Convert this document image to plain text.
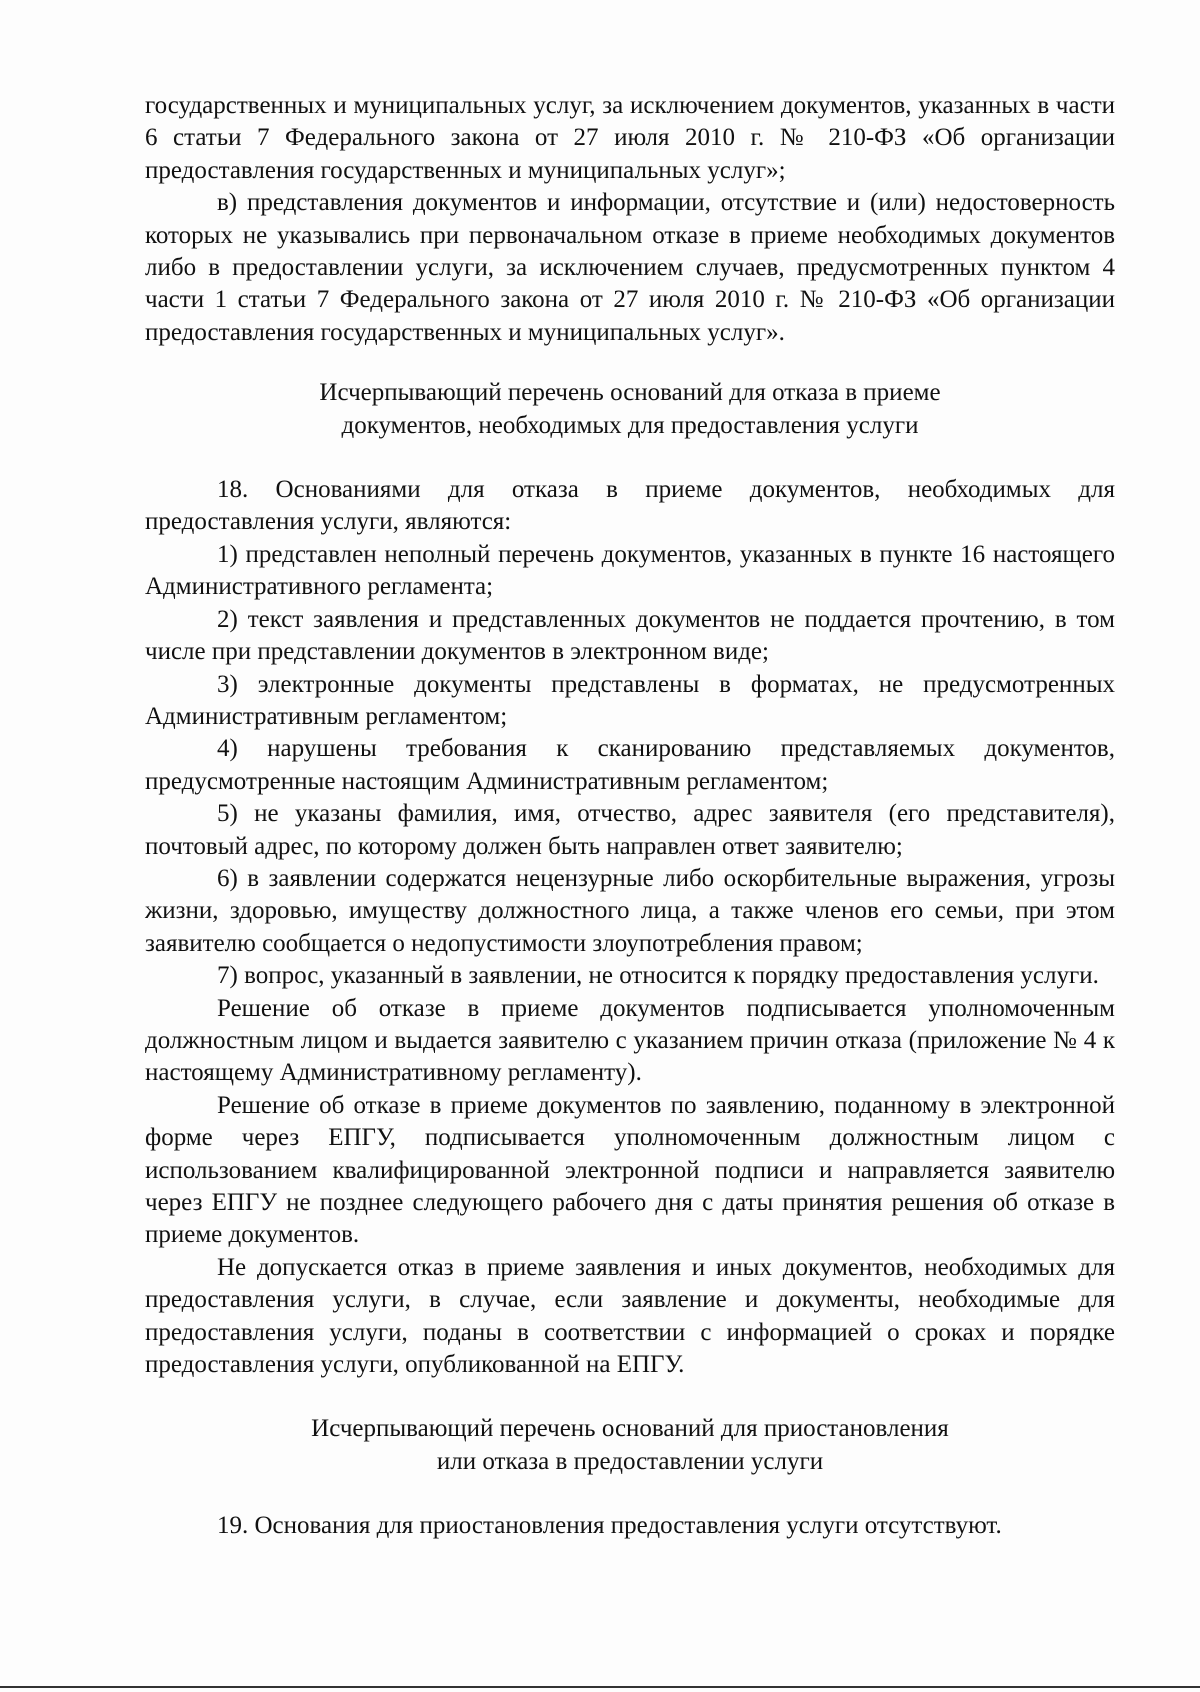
государственных и муниципальных услуг, за исключением документов, указанных в части 6 статьи 7 Федерального закона от 27 июля 2010 г. № 210-ФЗ «Об организации предоставления государственных и муниципальных услуг»;

в) представления документов и информации, отсутствие и (или) недостоверность которых не указывались при первоначальном отказе в приеме необходимых документов либо в предоставлении услуги, за исключением случаев, предусмотренных пунктом 4 части 1 статьи 7 Федерального закона от 27 июля 2010 г. № 210-ФЗ «Об организации предоставления государственных и муниципальных услуг».

Исчерпывающий перечень оснований для отказа в приеме
документов, необходимых для предоставления услуги

18. Основаниями для отказа в приеме документов, необходимых для предоставления услуги, являются:

1) представлен неполный перечень документов, указанных в пункте 16 настоящего Административного регламента;

2) текст заявления и представленных документов не поддается прочтению, в том числе при представлении документов в электронном виде;

3) электронные документы представлены в форматах, не предусмотренных Административным регламентом;

4) нарушены требования к сканированию представляемых документов, предусмотренные настоящим Административным регламентом;

5) не указаны фамилия, имя, отчество, адрес заявителя (его представителя), почтовый адрес, по которому должен быть направлен ответ заявителю;

6) в заявлении содержатся нецензурные либо оскорбительные выражения, угрозы жизни, здоровью, имуществу должностного лица, а также членов его семьи, при этом заявителю сообщается о недопустимости злоупотребления правом;

7) вопрос, указанный в заявлении, не относится к порядку предоставления услуги.

Решение об отказе в приеме документов подписывается уполномоченным должностным лицом и выдается заявителю с указанием причин отказа (приложение № 4 к настоящему Административному регламенту).

Решение об отказе в приеме документов по заявлению, поданному в электронной форме через ЕПГУ, подписывается уполномоченным должностным лицом с использованием квалифицированной электронной подписи и направляется заявителю через ЕПГУ не позднее следующего рабочего дня с даты принятия решения об отказе в приеме документов.

Не допускается отказ в приеме заявления и иных документов, необходимых для предоставления услуги, в случае, если заявление и документы, необходимые для предоставления услуги, поданы в соответствии с информацией о сроках и порядке предоставления услуги, опубликованной на ЕПГУ.

Исчерпывающий перечень оснований для приостановления
или отказа в предоставлении услуги

19. Основания для приостановления предоставления услуги отсутствуют.
